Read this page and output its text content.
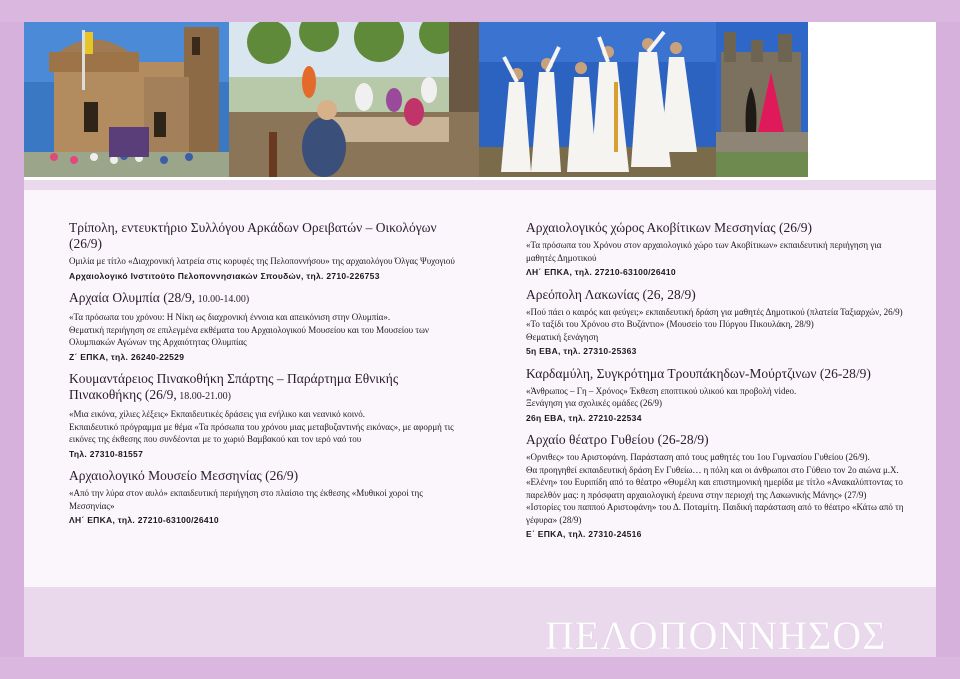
Τρίπολη, εντευκτήριο Συλλόγου Αρκάδων Ορειβατών – Οικολόγων (26/9)

Ομιλία με τίτλο «Διαχρονική λατρεία στις κορυφές της Πελοποννήσου» της αρχαιολόγου Όλγας Ψυχογιού

Αρχαιολογικό Ινστιτούτο Πελοποννησιακών Σπουδών, τηλ. 2710-226753

Αρχαία Ολυμπία (28/9, 10.00-14.00)

«Τα πρόσωπα του χρόνου: Η Νίκη ως διαχρονική έννοια και απεικόνιση στην Ολυμπία».

Θεματική περιήγηση σε επιλεγμένα εκθέματα του Αρχαιολογικού Μουσείου και του Μουσείου των Ολυμπιακών Αγώνων της Αρχαιότητας Ολυμπίας

Ζ΄ ΕΠΚΑ, τηλ. 26240-22529

Κουμαντάρειος Πινακοθήκη Σπάρτης – Παράρτημα Εθνικής Πινακοθήκης (26/9, 18.00-21.00)

«Μια εικόνα, χίλιες λέξεις» Εκπαιδευτικές δράσεις για ενήλικο και νεανικό κοινό.

Εκπαιδευτικό πρόγραμμα με θέμα «Τα πρόσωπα του χρόνου μιας μεταβυζαντινής εικόνας», με αφορμή τις εικόνες της έκθεσης που συνδέονται με το χωριό Βαμβακού και τον ιερό ναό του

Τηλ. 27310-81557

Αρχαιολογικό Μουσείο Μεσσηνίας (26/9)

«Από την λύρα στον αυλό» εκπαιδευτική περιήγηση στο πλαίσιο της έκθεσης «Μυθικοί χοροί της Μεσσηνίας»

ΛΗ΄ ΕΠΚΑ, τηλ. 27210-63100/26410

Αρχαιολογικός χώρος Ακοβίτικων Μεσσηνίας (26/9)

«Τα πρόσωπα του Χρόνου στον αρχαιολογικό χώρο των Ακοβίτικων» εκπαιδευτική περιήγηση για μαθητές Δημοτικού

ΛΗ΄ ΕΠΚΑ, τηλ. 27210-63100/26410

Αρεόπολη Λακωνίας (26, 28/9)

«Πού πάει ο καιρός και φεύγει;» εκπαιδευτική δράση για μαθητές Δημοτικού (πλατεία Ταξιαρχών, 26/9)

«Το ταξίδι του Χρόνου στο Βυζάντιο» (Μουσείο του Πύργου Πικουλάκη, 28/9)

Θεματική ξενάγηση

5η ΕΒΑ, τηλ. 27310-25363

Καρδαμύλη, Συγκρότημα Τρουπάκηδων-Μούρτζινων (26-28/9)

«Άνθρωπος – Γη – Χρόνος» Έκθεση εποπτικού υλικού και προβολή video.

Ξενάγηση για σχολικές ομάδες (26/9)

26η ΕΒΑ, τηλ. 27210-22534

Αρχαίο θέατρο Γυθείου (26-28/9)

«Ορνιθες» του Αριστοφάνη. Παράσταση από τους μαθητές του 1ου Γυμνασίου Γυθείου (26/9).

Θα προηγηθεί εκπαιδευτική δράση Εν Γυθείω… η πόλη και οι άνθρωποι στο Γύθειο τον 2ο αιώνα μ.Χ.

«Ελένη» του Ευριπίδη από το θέατρο «Θυμέλη και επιστημονική ημερίδα με τίτλο «Ανακαλύπτοντας το παρελθόν μας: η πρόσφατη αρχαιολογική έρευνα στην περιοχή της Λακωνικής Μάνης» (27/9)

«Ιστορίες του παππού Αριστοφάνη» του Δ. Ποταμίτη. Παιδική παράσταση από το θέατρο «Κάτω από τη γέφυρα» (28/9)

Ε΄ ΕΠΚΑ, τηλ. 27310-24516

ΠΕΛΟΠΟΝΝΗΣΟΣ
